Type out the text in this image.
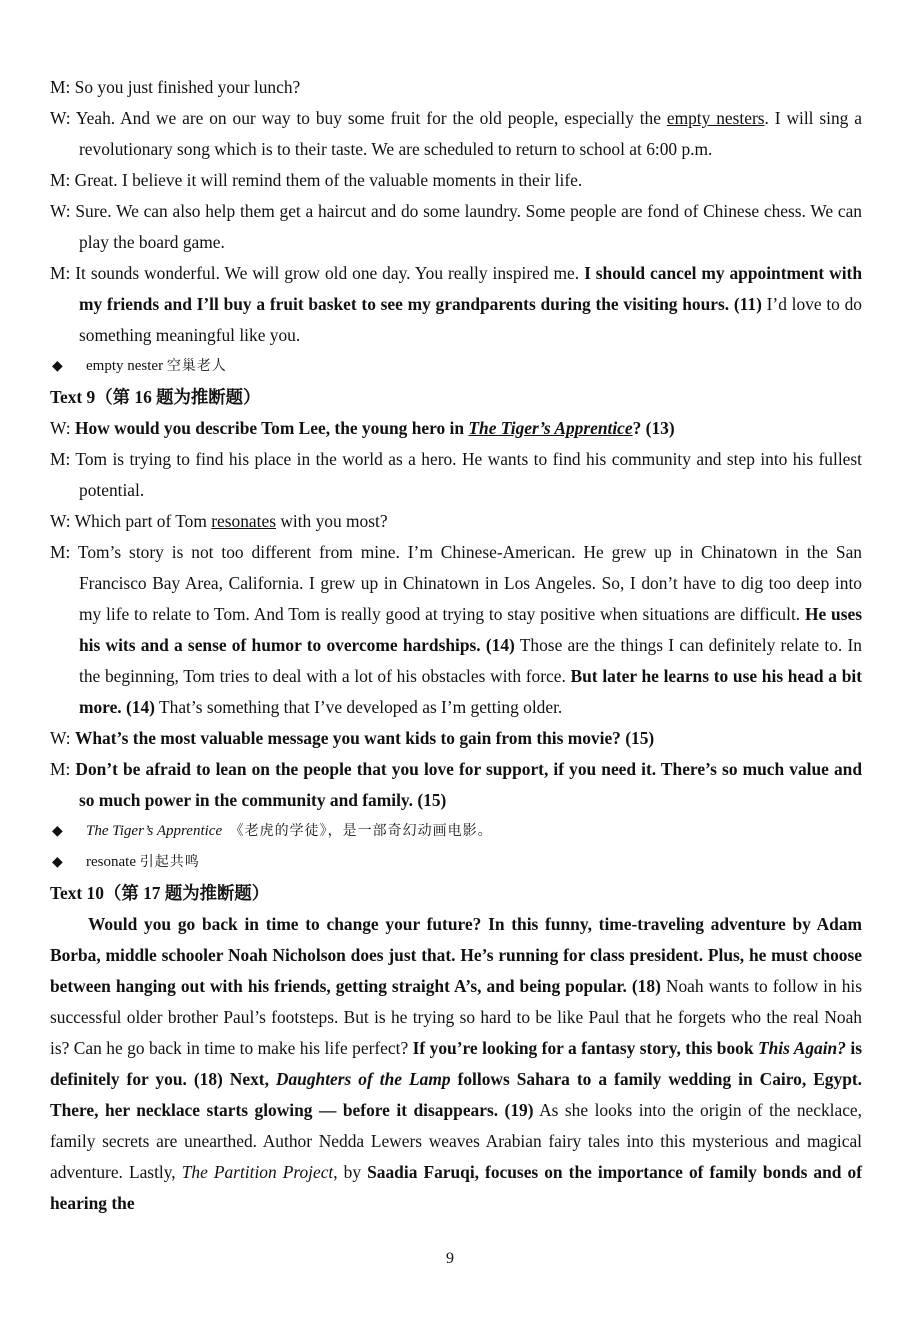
M: So you just finished your lunch?

W: Yeah. And we are on our way to buy some fruit for the old people, especially the empty nesters. I will sing a revolutionary song which is to their taste. We are scheduled to return to school at 6:00 p.m.

M: Great. I believe it will remind them of the valuable moments in their life.

W: Sure. We can also help them get a haircut and do some laundry. Some people are fond of Chinese chess. We can play the board game.

M: It sounds wonderful. We will grow old one day. You really inspired me. I should cancel my appointment with my friends and I’ll buy a fruit basket to see my grandparents during the visiting hours. (11) I’d love to do something meaningful like you.

◆	empty nester
空巢老人

Text 9（第 16 题为推断题）

W: How would you describe Tom Lee, the young hero in The Tiger’s Apprentice? (13)

M: Tom is trying to find his place in the world as a hero. He wants to find his community and step into his fullest potential.

W: Which part of Tom resonates with you most?

M: Tom’s story is not too different from mine. I’m Chinese-American. He grew up in Chinatown in the San Francisco Bay Area, California. I grew up in Chinatown in Los Angeles. So, I don’t have to dig too deep into my life to relate to Tom. And Tom is really good at trying to stay positive when situations are difficult. He uses his wits and a sense of humor to overcome hardships. (14) Those are the things I can definitely relate to. In the beginning, Tom tries to deal with a lot of his obstacles with force. But later he learns to use his head a bit more. (14) That’s something that I’ve developed as I’m getting older.

W: What’s the most valuable message you want kids to gain from this movie? (15)

M: Don’t be afraid to lean on the people that you love for support, if you need it. There’s so much value and so much power in the community and family. (15)

◆	The Tiger’s Apprentice
《老虎的学徒》，是一部奇幻动画电影。
◆	resonate
引起共鸣

Text 10（第 17 题为推断题）

Would you go back in time to change your future? In this funny, time-traveling adventure by Adam Borba, middle schooler Noah Nicholson does just that. He’s running for class president. Plus, he must choose between hanging out with his friends, getting straight A’s, and being popular. (18) Noah wants to follow in his successful older brother Paul’s footsteps. But is he trying so hard to be like Paul that he forgets who the real Noah is? Can he go back in time to make his life perfect? If you’re looking for a fantasy story, this book This Again? is definitely for you. (18) Next, Daughters of the Lamp follows Sahara to a family wedding in Cairo, Egypt. There, her necklace starts glowing — before it disappears. (19) As she looks into the origin of the necklace, family secrets are unearthed. Author Nedda Lewers weaves Arabian fairy tales into this mysterious and magical adventure. Lastly, The Partition Project, by Saadia Faruqi, focuses on the importance of family bonds and of hearing the

9
